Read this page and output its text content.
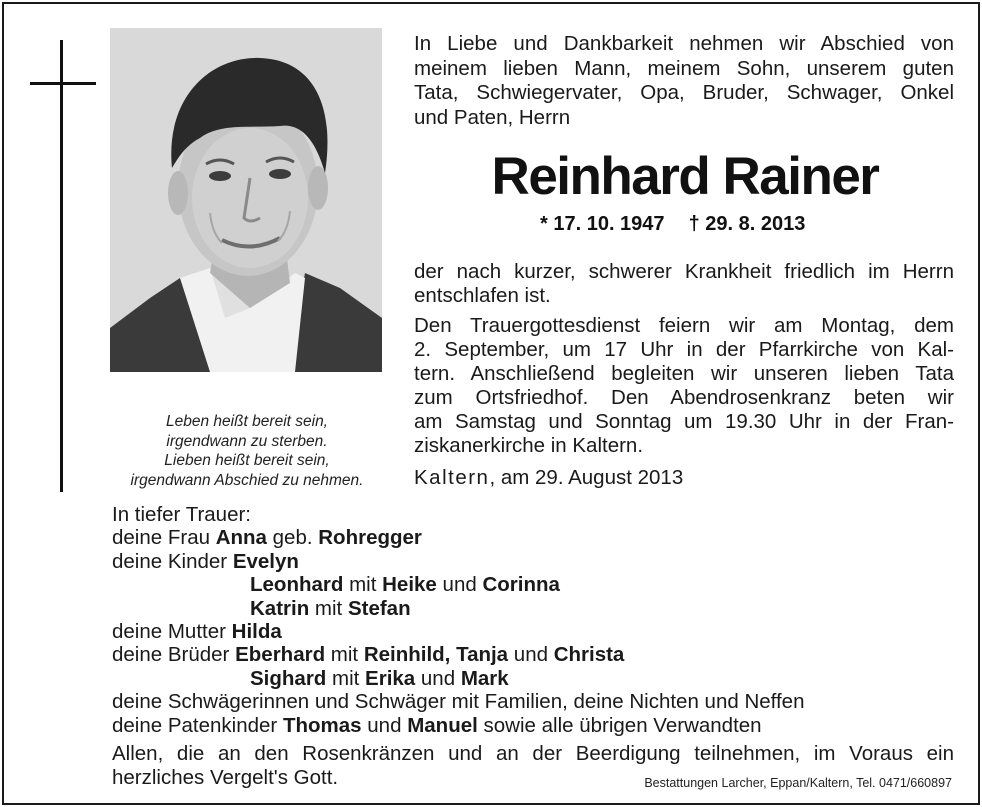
Leben heißt bereit sein,
irgendwann zu sterben.
Lieben heißt bereit sein,
irgendwann Abschied zu nehmen.
In Liebe und Dankbarkeit nehmen wir Abschied von
meinem lieben Mann, meinem Sohn, unserem guten
Tata, Schwiegervater, Opa, Bruder, Schwager, Onkel
und Paten, Herrn
Reinhard Rainer
* 17. 10. 1947 † 29. 8. 2013
der nach kurzer, schwerer Krankheit friedlich im Herrn
entschlafen ist.
Den Trauergottesdienst feiern wir am Montag, dem
2. September, um 17 Uhr in der Pfarrkirche von Kal-
tern. Anschließend begleiten wir unseren lieben Tata
zum Ortsfriedhof. Den Abendrosenkranz beten wir
am Samstag und Sonntag um 19.30 Uhr in der Fran-
ziskanerkirche in Kaltern.
Kaltern, am 29. August 2013
In tiefer Trauer:
deine Frau Anna geb. Rohregger
deine Kinder Evelyn
Leonhard mit Heike und Corinna
Katrin mit Stefan
deine Mutter Hilda
deine Brüder Eberhard mit Reinhild, Tanja und Christa
Sighard mit Erika und Mark
deine Schwägerinnen und Schwäger mit Familien, deine Nichten und Neffen
deine Patenkinder Thomas und Manuel sowie alle übrigen Verwandten
Allen, die an den Rosenkränzen und an der Beerdigung teilnehmen, im Voraus ein
herzliches Vergelt's Gott.	Bestattungen Larcher, Eppan/Kaltern, Tel. 0471/660897
